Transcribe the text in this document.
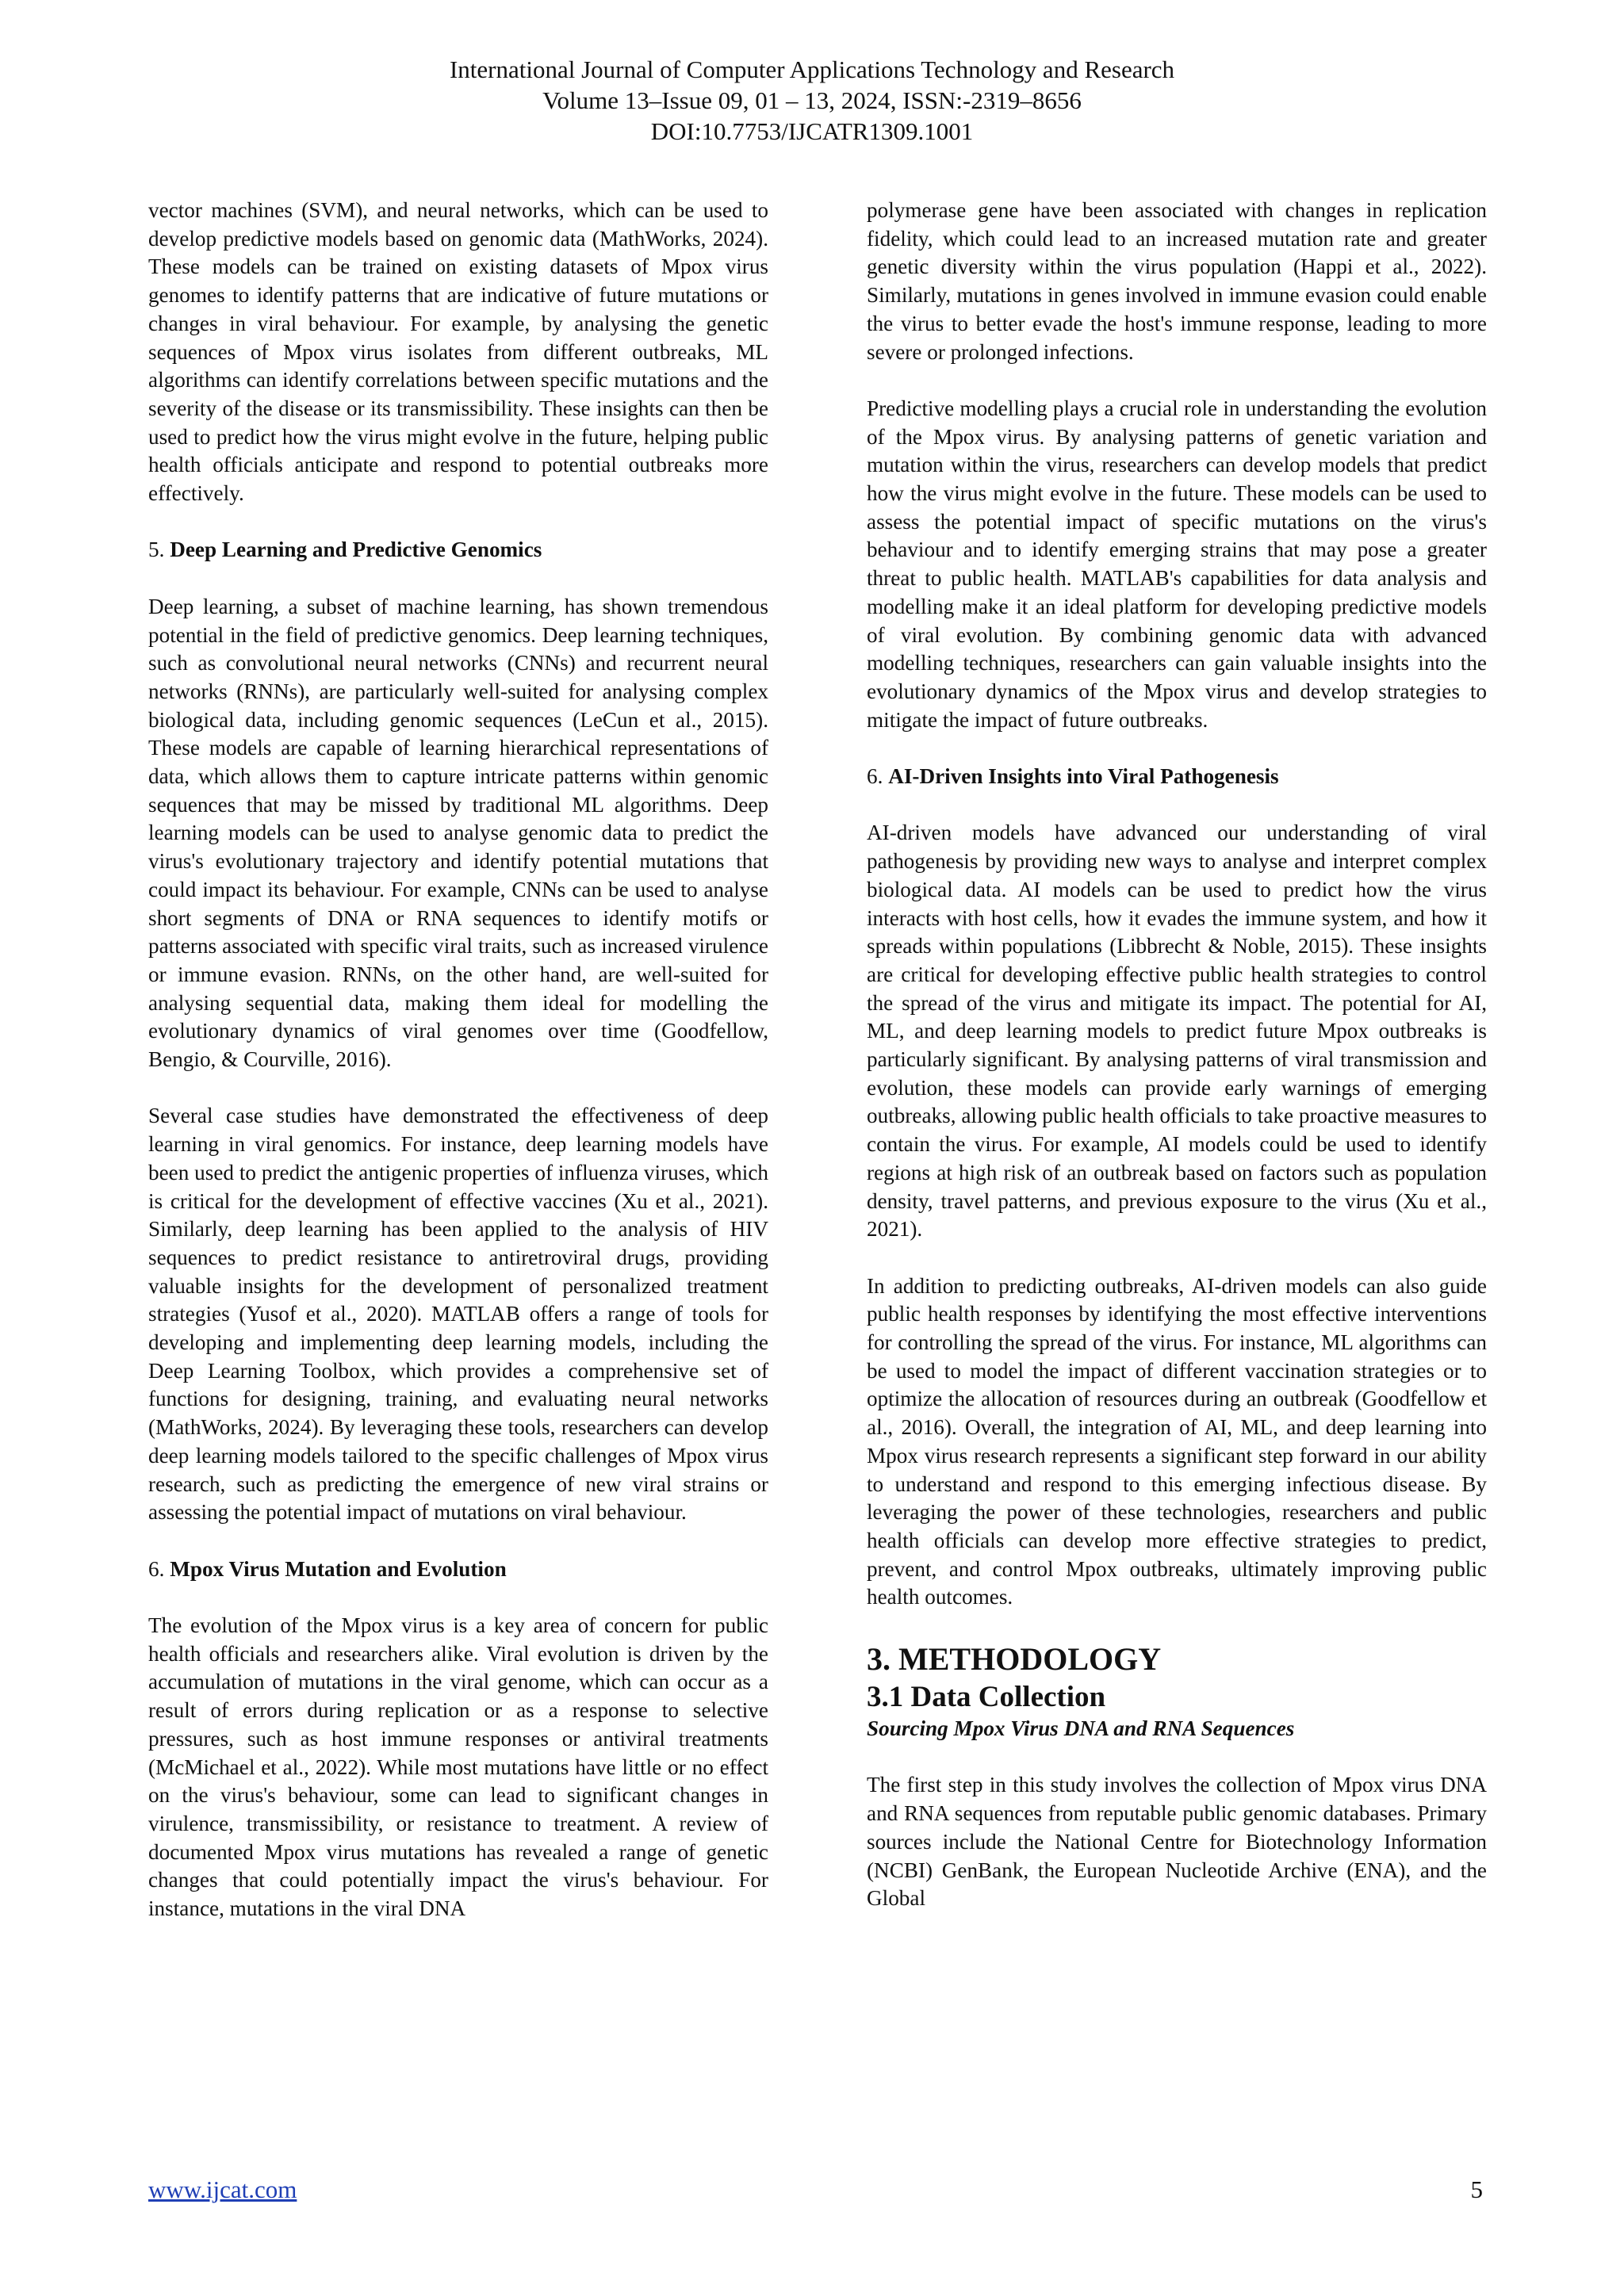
International Journal of Computer Applications Technology and Research
Volume 13–Issue 09, 01 – 13, 2024, ISSN:-2319–8656
DOI:10.7753/IJCATR1309.1001

vector machines (SVM), and neural networks, which can be used to develop predictive models based on genomic data (MathWorks, 2024). These models can be trained on existing datasets of Mpox virus genomes to identify patterns that are indicative of future mutations or changes in viral behaviour. For example, by analysing the genetic sequences of Mpox virus isolates from different outbreaks, ML algorithms can identify correlations between specific mutations and the severity of the disease or its transmissibility. These insights can then be used to predict how the virus might evolve in the future, helping public health officials anticipate and respond to potential outbreaks more effectively.

5. Deep Learning and Predictive Genomics

Deep learning, a subset of machine learning, has shown tremendous potential in the field of predictive genomics. Deep learning techniques, such as convolutional neural networks (CNNs) and recurrent neural networks (RNNs), are particularly well-suited for analysing complex biological data, including genomic sequences (LeCun et al., 2015). These models are capable of learning hierarchical representations of data, which allows them to capture intricate patterns within genomic sequences that may be missed by traditional ML algorithms. Deep learning models can be used to analyse genomic data to predict the virus's evolutionary trajectory and identify potential mutations that could impact its behaviour. For example, CNNs can be used to analyse short segments of DNA or RNA sequences to identify motifs or patterns associated with specific viral traits, such as increased virulence or immune evasion. RNNs, on the other hand, are well-suited for analysing sequential data, making them ideal for modelling the evolutionary dynamics of viral genomes over time (Goodfellow, Bengio, & Courville, 2016).

Several case studies have demonstrated the effectiveness of deep learning in viral genomics. For instance, deep learning models have been used to predict the antigenic properties of influenza viruses, which is critical for the development of effective vaccines (Xu et al., 2021). Similarly, deep learning has been applied to the analysis of HIV sequences to predict resistance to antiretroviral drugs, providing valuable insights for the development of personalized treatment strategies (Yusof et al., 2020). MATLAB offers a range of tools for developing and implementing deep learning models, including the Deep Learning Toolbox, which provides a comprehensive set of functions for designing, training, and evaluating neural networks (MathWorks, 2024). By leveraging these tools, researchers can develop deep learning models tailored to the specific challenges of Mpox virus research, such as predicting the emergence of new viral strains or assessing the potential impact of mutations on viral behaviour.

6. Mpox Virus Mutation and Evolution

The evolution of the Mpox virus is a key area of concern for public health officials and researchers alike. Viral evolution is driven by the accumulation of mutations in the viral genome, which can occur as a result of errors during replication or as a response to selective pressures, such as host immune responses or antiviral treatments (McMichael et al., 2022). While most mutations have little or no effect on the virus's behaviour, some can lead to significant changes in virulence, transmissibility, or resistance to treatment. A review of documented Mpox virus mutations has revealed a range of genetic changes that could potentially impact the virus's behaviour. For instance, mutations in the viral DNA

polymerase gene have been associated with changes in replication fidelity, which could lead to an increased mutation rate and greater genetic diversity within the virus population (Happi et al., 2022). Similarly, mutations in genes involved in immune evasion could enable the virus to better evade the host's immune response, leading to more severe or prolonged infections.

Predictive modelling plays a crucial role in understanding the evolution of the Mpox virus. By analysing patterns of genetic variation and mutation within the virus, researchers can develop models that predict how the virus might evolve in the future. These models can be used to assess the potential impact of specific mutations on the virus's behaviour and to identify emerging strains that may pose a greater threat to public health. MATLAB's capabilities for data analysis and modelling make it an ideal platform for developing predictive models of viral evolution. By combining genomic data with advanced modelling techniques, researchers can gain valuable insights into the evolutionary dynamics of the Mpox virus and develop strategies to mitigate the impact of future outbreaks.

6. AI-Driven Insights into Viral Pathogenesis

AI-driven models have advanced our understanding of viral pathogenesis by providing new ways to analyse and interpret complex biological data. AI models can be used to predict how the virus interacts with host cells, how it evades the immune system, and how it spreads within populations (Libbrecht & Noble, 2015). These insights are critical for developing effective public health strategies to control the spread of the virus and mitigate its impact. The potential for AI, ML, and deep learning models to predict future Mpox outbreaks is particularly significant. By analysing patterns of viral transmission and evolution, these models can provide early warnings of emerging outbreaks, allowing public health officials to take proactive measures to contain the virus. For example, AI models could be used to identify regions at high risk of an outbreak based on factors such as population density, travel patterns, and previous exposure to the virus (Xu et al., 2021).

In addition to predicting outbreaks, AI-driven models can also guide public health responses by identifying the most effective interventions for controlling the spread of the virus. For instance, ML algorithms can be used to model the impact of different vaccination strategies or to optimize the allocation of resources during an outbreak (Goodfellow et al., 2016). Overall, the integration of AI, ML, and deep learning into Mpox virus research represents a significant step forward in our ability to understand and respond to this emerging infectious disease. By leveraging the power of these technologies, researchers and public health officials can develop more effective strategies to predict, prevent, and control Mpox outbreaks, ultimately improving public health outcomes.

3. METHODOLOGY
3.1 Data Collection
Sourcing Mpox Virus DNA and RNA Sequences

The first step in this study involves the collection of Mpox virus DNA and RNA sequences from reputable public genomic databases. Primary sources include the National Centre for Biotechnology Information (NCBI) GenBank, the European Nucleotide Archive (ENA), and the Global

www.ijcat.com	5
